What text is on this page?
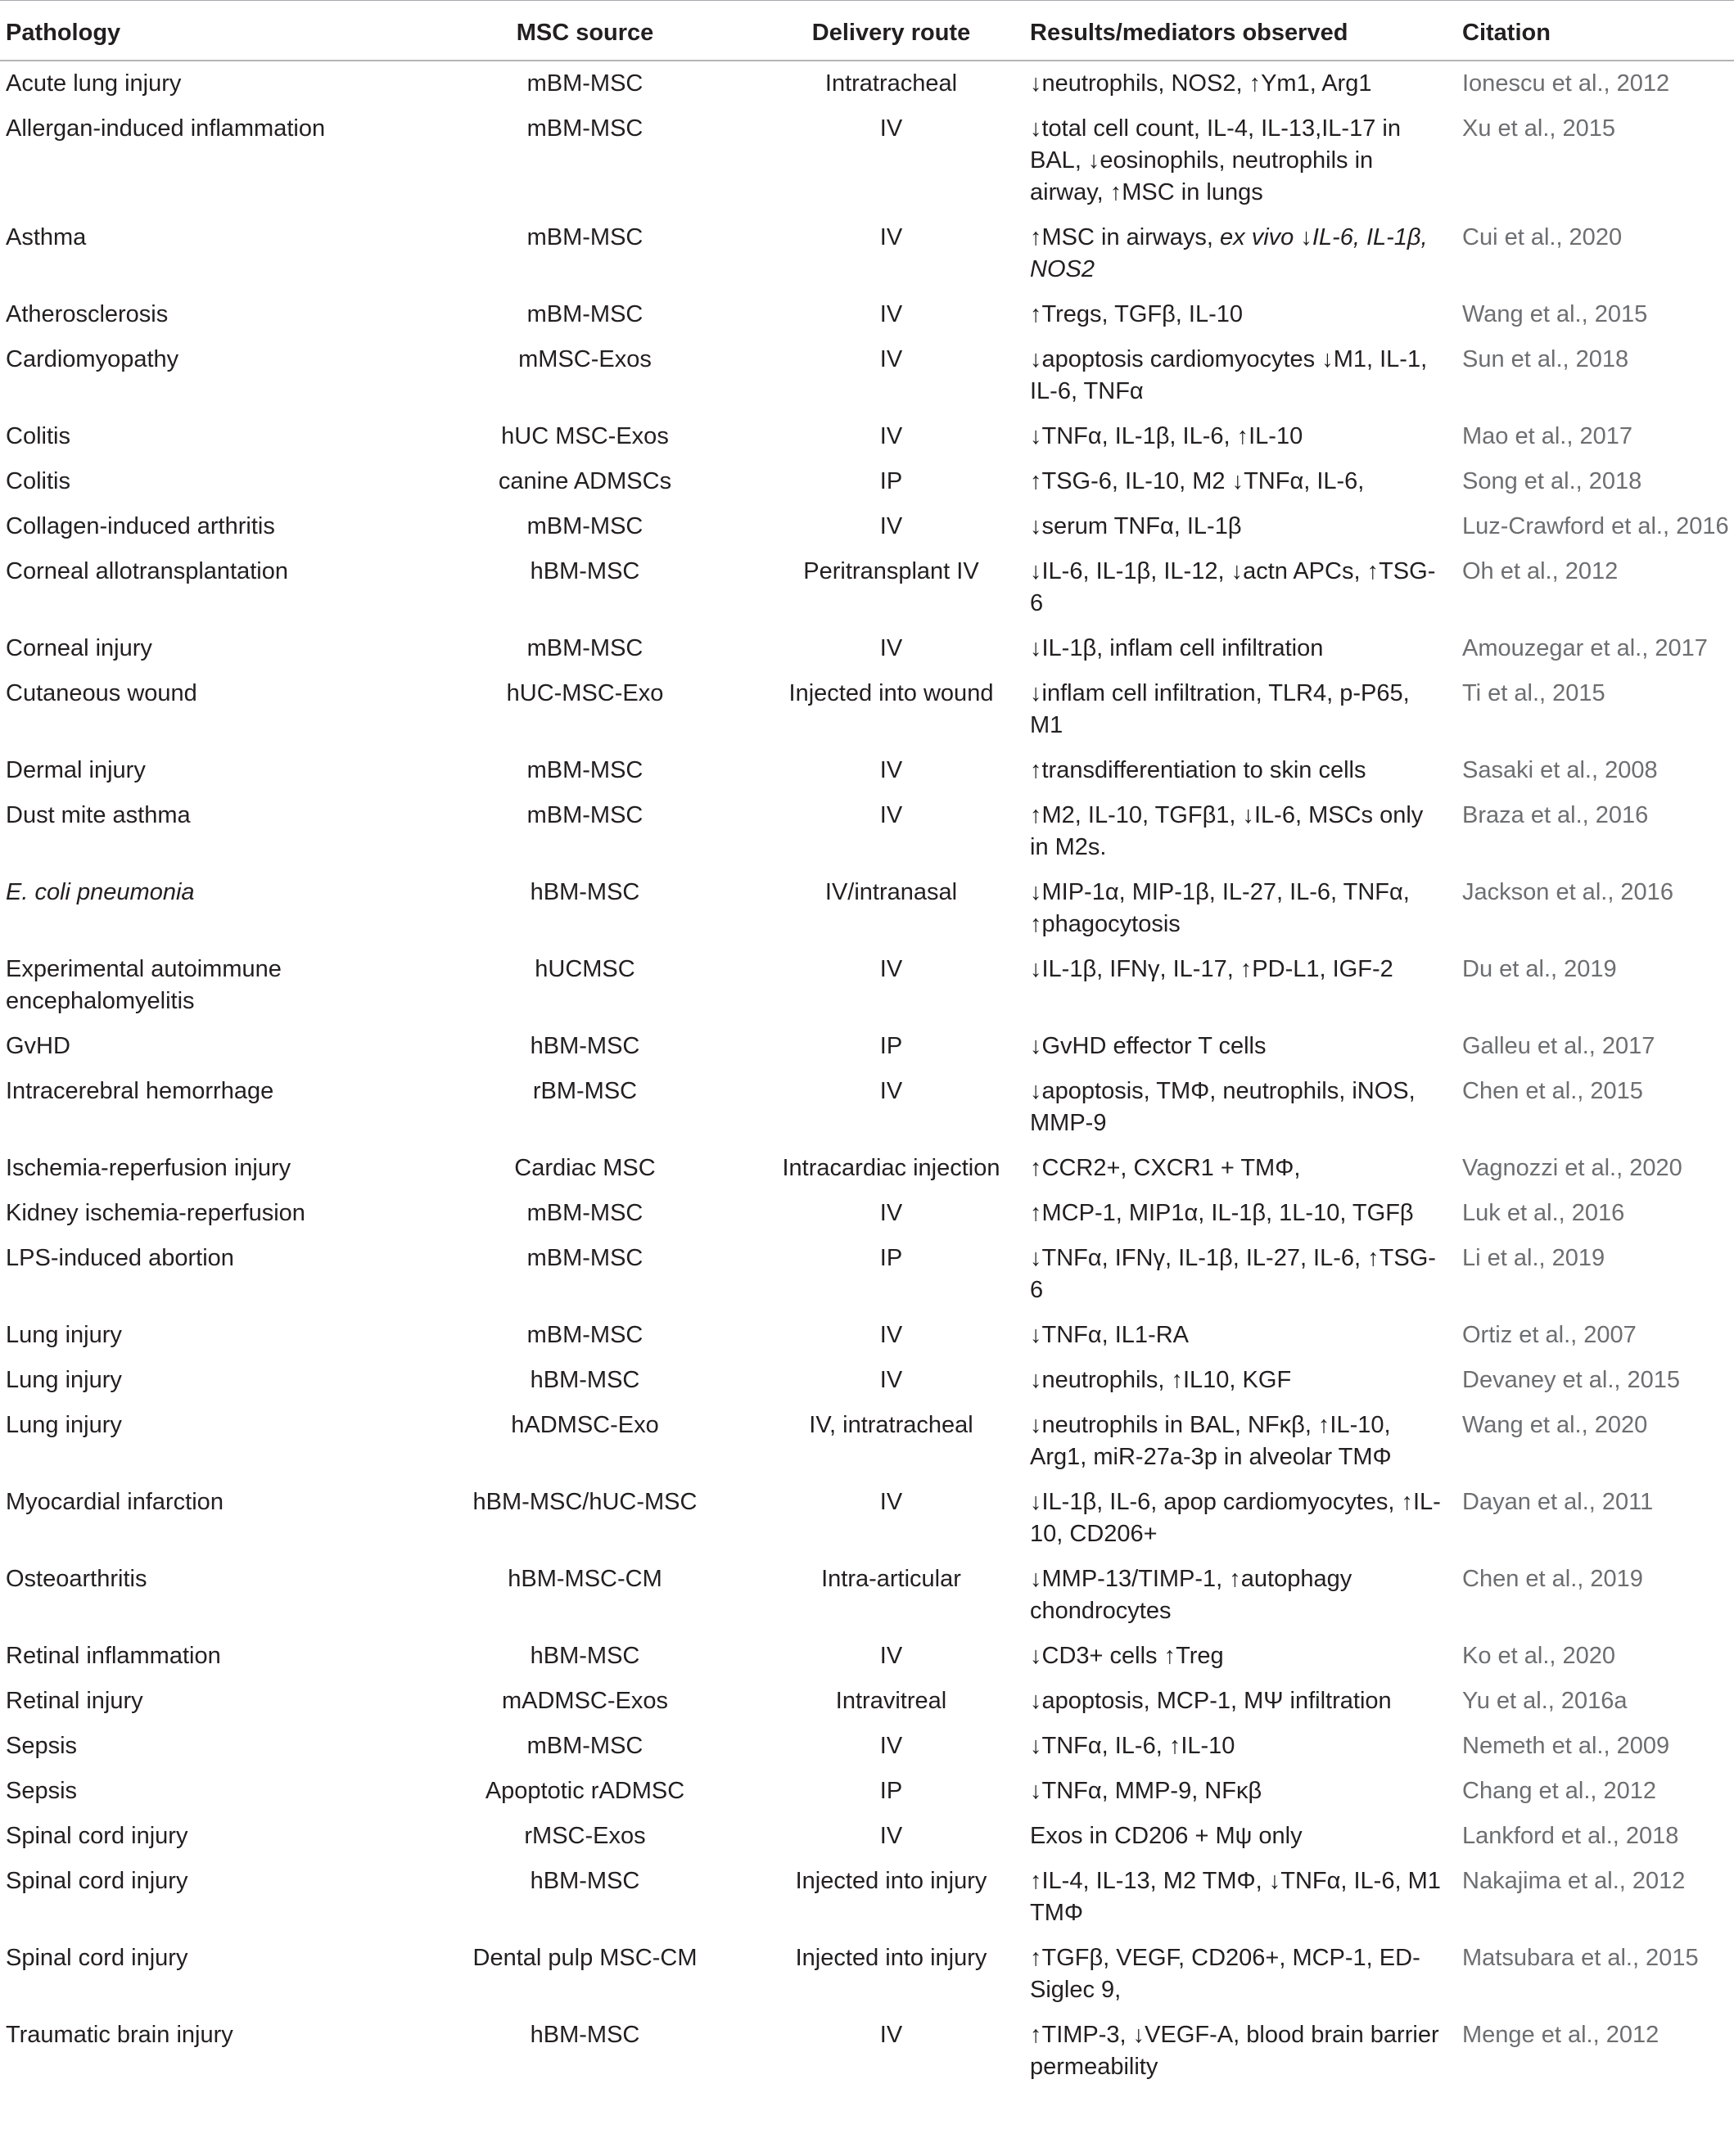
Pathology	MSC source	Delivery route	Results/mediators observed	Citation
Acute lung injury	mBM-MSC	Intratracheal	↓neutrophils, NOS2, ↑Ym1, Arg1	Ionescu et al., 2012
Allergan-induced inflammation	mBM-MSC	IV	↓total cell count, IL-4, IL-13,IL-17 in BAL, ↓eosinophils, neutrophils in airway, ↑MSC in lungs	Xu et al., 2015
Asthma	mBM-MSC	IV	↑MSC in airways, ex vivo ↓IL-6, IL-1β, NOS2	Cui et al., 2020
Atherosclerosis	mBM-MSC	IV	↑Tregs, TGFβ, IL-10	Wang et al., 2015
Cardiomyopathy	mMSC-Exos	IV	↓apoptosis cardiomyocytes ↓M1, IL-1, IL-6, TNFα	Sun et al., 2018
Colitis	hUC MSC-Exos	IV	↓TNFα, IL-1β, IL-6, ↑IL-10	Mao et al., 2017
Colitis	canine ADMSCs	IP	↑TSG-6, IL-10, M2 ↓TNFα, IL-6,	Song et al., 2018
Collagen-induced arthritis	mBM-MSC	IV	↓serum TNFα, IL-1β	Luz-Crawford et al., 2016
Corneal allotransplantation	hBM-MSC	Peritransplant IV	↓IL-6, IL-1β, IL-12, ↓actn APCs, ↑TSG-6	Oh et al., 2012
Corneal injury	mBM-MSC	IV	↓IL-1β, inflam cell infiltration	Amouzegar et al., 2017
Cutaneous wound	hUC-MSC-Exo	Injected into wound	↓inflam cell infiltration, TLR4, p-P65, M1	Ti et al., 2015
Dermal injury	mBM-MSC	IV	↑transdifferentiation to skin cells	Sasaki et al., 2008
Dust mite asthma	mBM-MSC	IV	↑M2, IL-10, TGFβ1, ↓IL-6, MSCs only in M2s.	Braza et al., 2016
E. coli pneumonia	hBM-MSC	IV/intranasal	↓MIP-1α, MIP-1β, IL-27, IL-6, TNFα, ↑phagocytosis	Jackson et al., 2016
Experimental autoimmune encephalomyelitis	hUCMSC	IV	↓IL-1β, IFNγ, IL-17, ↑PD-L1, IGF-2	Du et al., 2019
GvHD	hBM-MSC	IP	↓GvHD effector T cells	Galleu et al., 2017
Intracerebral hemorrhage	rBM-MSC	IV	↓apoptosis, TMΦ, neutrophils, iNOS, MMP-9	Chen et al., 2015
Ischemia-reperfusion injury	Cardiac MSC	Intracardiac injection	↑CCR2+, CXCR1 + TMΦ,	Vagnozzi et al., 2020
Kidney ischemia-reperfusion	mBM-MSC	IV	↑MCP-1, MIP1α, IL-1β, 1L-10, TGFβ	Luk et al., 2016
LPS-induced abortion	mBM-MSC	IP	↓TNFα, IFNγ, IL-1β, IL-27, IL-6, ↑TSG-6	Li et al., 2019
Lung injury	mBM-MSC	IV	↓TNFα, IL1-RA	Ortiz et al., 2007
Lung injury	hBM-MSC	IV	↓neutrophils, ↑IL10, KGF	Devaney et al., 2015
Lung injury	hADMSC-Exo	IV, intratracheal	↓neutrophils in BAL, NFκβ, ↑IL-10, Arg1, miR-27a-3p in alveolar TMΦ	Wang et al., 2020
Myocardial infarction	hBM-MSC/hUC-MSC	IV	↓IL-1β, IL-6, apop cardiomyocytes, ↑IL-10, CD206+	Dayan et al., 2011
Osteoarthritis	hBM-MSC-CM	Intra-articular	↓MMP-13/TIMP-1, ↑autophagy chondrocytes	Chen et al., 2019
Retinal inflammation	hBM-MSC	IV	↓CD3+ cells ↑Treg	Ko et al., 2020
Retinal injury	mADMSC-Exos	Intravitreal	↓apoptosis, MCP-1, MΨ infiltration	Yu et al., 2016a
Sepsis	mBM-MSC	IV	↓TNFα, IL-6, ↑IL-10	Nemeth et al., 2009
Sepsis	Apoptotic rADMSC	IP	↓TNFα, MMP-9, NFκβ	Chang et al., 2012
Spinal cord injury	rMSC-Exos	IV	Exos in CD206 + Mψ only	Lankford et al., 2018
Spinal cord injury	hBM-MSC	Injected into injury	↑IL-4, IL-13, M2 TMΦ, ↓TNFα, IL-6, M1 TMΦ	Nakajima et al., 2012
Spinal cord injury	Dental pulp MSC-CM	Injected into injury	↑TGFβ, VEGF, CD206+, MCP-1, ED-Siglec 9,	Matsubara et al., 2015
Traumatic brain injury	hBM-MSC	IV	↑TIMP-3, ↓VEGF-A, blood brain barrier permeability	Menge et al., 2012
